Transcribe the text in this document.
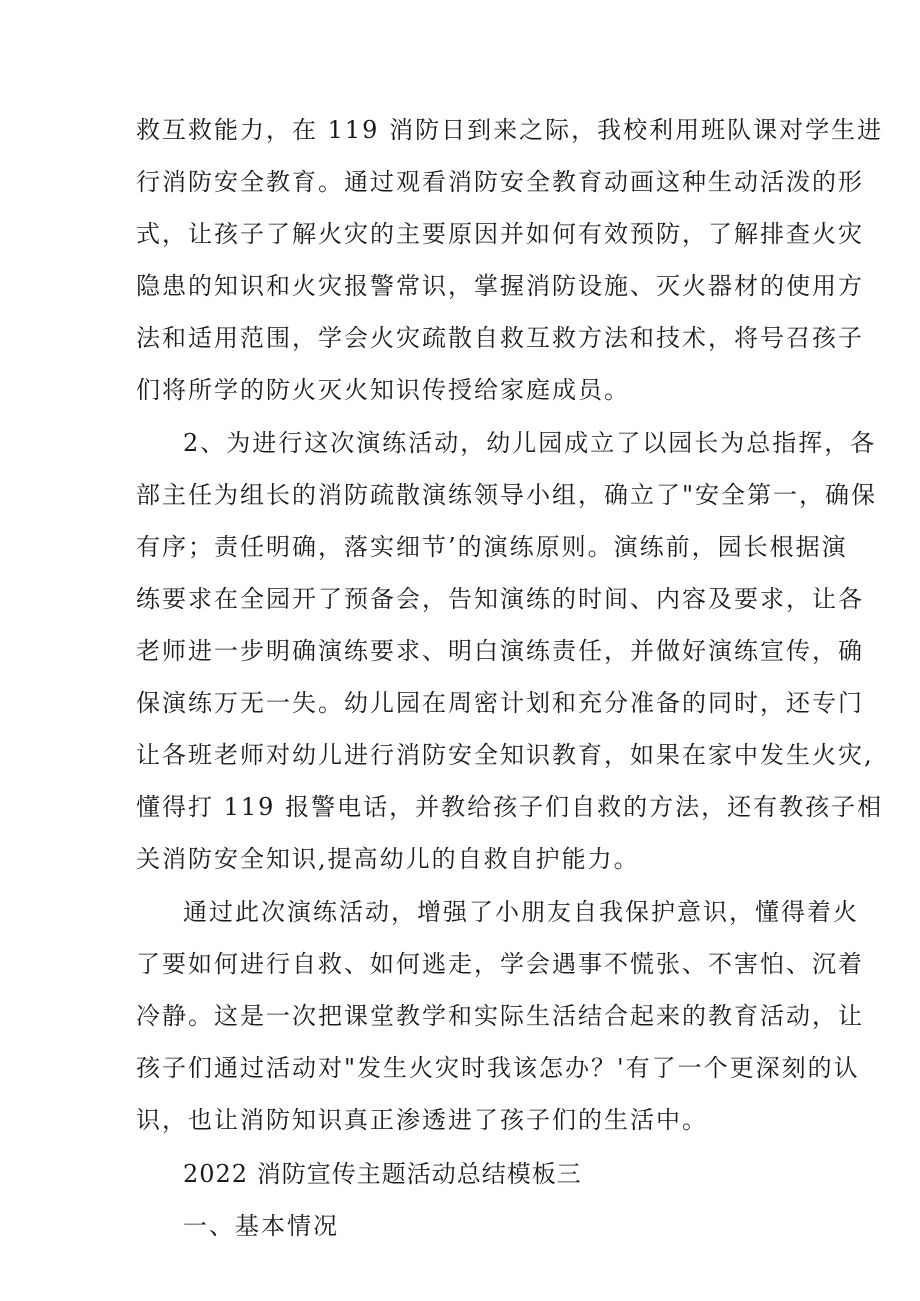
救互救能力，在 119 消防日到来之际，我校利用班队课对学生进
行消防安全教育。通过观看消防安全教育动画这种生动活泼的形
式，让孩子了解火灾的主要原因并如何有效预防，了解排查火灾
隐患的知识和火灾报警常识，掌握消防设施、灭火器材的使用方
法和适用范围，学会火灾疏散自救互救方法和技术，将号召孩子
们将所学的防火灭火知识传授给家庭成员。
2、为进行这次演练活动，幼儿园成立了以园长为总指挥，各
部主任为组长的消防疏散演练领导小组，确立了"安全第一，确保
有序；责任明确，落实细节’的演练原则。演练前，园长根据演
练要求在全园开了预备会，告知演练的时间、内容及要求，让各
老师进一步明确演练要求、明白演练责任，并做好演练宣传，确
保演练万无一失。幼儿园在周密计划和充分准备的同时，还专门
让各班老师对幼儿进行消防安全知识教育，如果在家中发生火灾,
懂得打 119 报警电话，并教给孩子们自救的方法，还有教孩子相
关消防安全知识,提高幼儿的自救自护能力。
通过此次演练活动，增强了小朋友自我保护意识，懂得着火
了要如何进行自救、如何逃走，学会遇事不慌张、不害怕、沉着
冷静。这是一次把课堂教学和实际生活结合起来的教育活动，让
孩子们通过活动对"发生火灾时我该怎办？'有了一个更深刻的认
识，也让消防知识真正渗透进了孩子们的生活中。
2022 消防宣传主题活动总结模板三
一、基本情况
